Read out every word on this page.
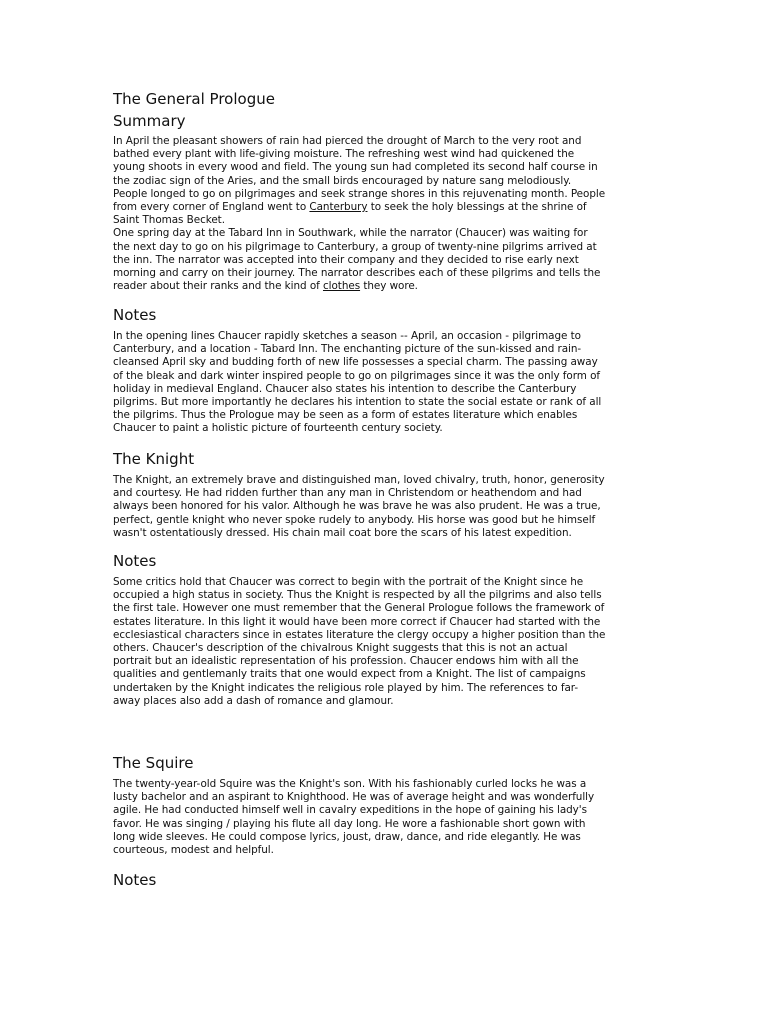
The General Prologue
Summary
In April the pleasant showers of rain had pierced the drought of March to the very root and
bathed every plant with life-giving moisture. The refreshing west wind had quickened the
young shoots in every wood and field. The young sun had completed its second half course in
the zodiac sign of the Aries, and the small birds encouraged by nature sang melodiously.
People longed to go on pilgrimages and seek strange shores in this rejuvenating month. People
from every corner of England went to Canterbury to seek the holy blessings at the shrine of
Saint Thomas Becket.
One spring day at the Tabard Inn in Southwark, while the narrator (Chaucer) was waiting for
the next day to go on his pilgrimage to Canterbury, a group of twenty-nine pilgrims arrived at
the inn. The narrator was accepted into their company and they decided to rise early next
morning and carry on their journey. The narrator describes each of these pilgrims and tells the
reader about their ranks and the kind of clothes they wore.
Notes
In the opening lines Chaucer rapidly sketches a season -- April, an occasion - pilgrimage to
Canterbury, and a location - Tabard Inn. The enchanting picture of the sun-kissed and rain-
cleansed April sky and budding forth of new life possesses a special charm. The passing away
of the bleak and dark winter inspired people to go on pilgrimages since it was the only form of
holiday in medieval England. Chaucer also states his intention to describe the Canterbury
pilgrims. But more importantly he declares his intention to state the social estate or rank of all
the pilgrims. Thus the Prologue may be seen as a form of estates literature which enables
Chaucer to paint a holistic picture of fourteenth century society.
The Knight
The Knight, an extremely brave and distinguished man, loved chivalry, truth, honor, generosity
and courtesy. He had ridden further than any man in Christendom or heathendom and had
always been honored for his valor. Although he was brave he was also prudent. He was a true,
perfect, gentle knight who never spoke rudely to anybody. His horse was good but he himself
wasn't ostentatiously dressed. His chain mail coat bore the scars of his latest expedition.
Notes
Some critics hold that Chaucer was correct to begin with the portrait of the Knight since he
occupied a high status in society. Thus the Knight is respected by all the pilgrims and also tells
the first tale. However one must remember that the General Prologue follows the framework of
estates literature. In this light it would have been more correct if Chaucer had started with the
ecclesiastical characters since in estates literature the clergy occupy a higher position than the
others. Chaucer's description of the chivalrous Knight suggests that this is not an actual
portrait but an idealistic representation of his profession. Chaucer endows him with all the
qualities and gentlemanly traits that one would expect from a Knight. The list of campaigns
undertaken by the Knight indicates the religious role played by him. The references to far-
away places also add a dash of romance and glamour.
The Squire
The twenty-year-old Squire was the Knight's son. With his fashionably curled locks he was a
lusty bachelor and an aspirant to Knighthood. He was of average height and was wonderfully
agile. He had conducted himself well in cavalry expeditions in the hope of gaining his lady's
favor. He was singing / playing his flute all day long. He wore a fashionable short gown with
long wide sleeves. He could compose lyrics, joust, draw, dance, and ride elegantly. He was
courteous, modest and helpful.
Notes
